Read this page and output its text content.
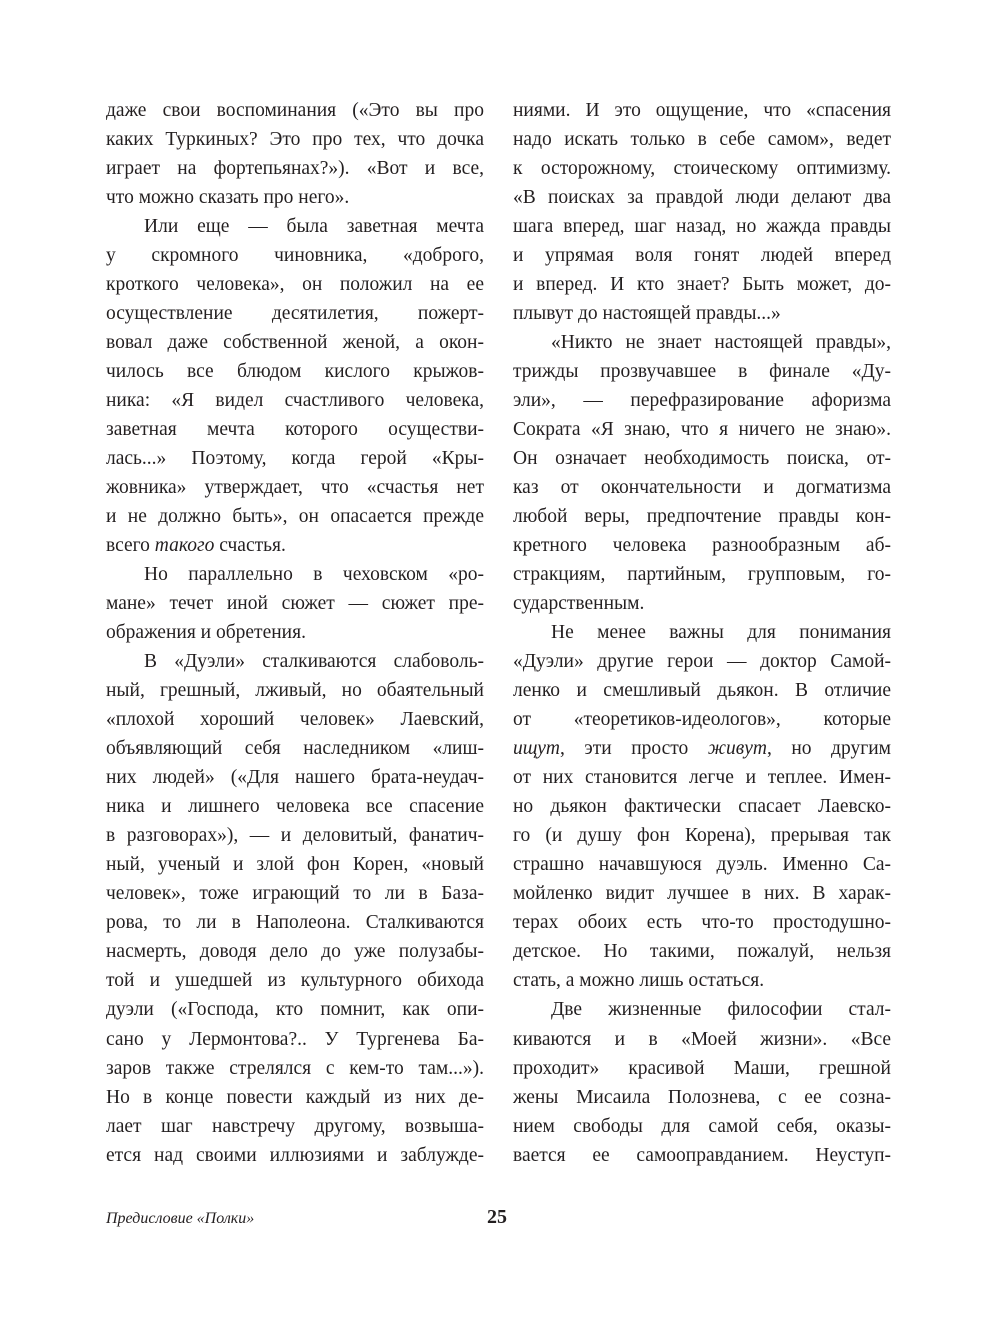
даже свои воспоминания («Это вы про
каких Туркиных? Это про тех, что дочка
играет на фортепьянах?»). «Вот и все,
что можно сказать про него».
Или еще — была заветная мечта
у скромного чиновника, «доброго,
кроткого человека», он положил на ее
осуществление десятилетия, пожерт-
вовал даже собственной женой, а окон-
чилось все блюдом кислого крыжов-
ника: «Я видел счастливого человека,
заветная мечта которого осуществи-
лась...» Поэтому, когда герой «Кры-
жовника» утверждает, что «счастья нет
и не должно быть», он опасается прежде
всего такого счастья.
Но параллельно в чеховском «ро-
мане» течет иной сюжет — сюжет пре-
ображения и обретения.
В «Дуэли» сталкиваются слабоволь-
ный, грешный, лживый, но обаятельный
«плохой хороший человек» Лаевский,
объявляющий себя наследником «лиш-
них людей» («Для нашего брата-неудач-
ника и лишнего человека все спасение
в разговорах»), — и деловитый, фанатич-
ный, ученый и злой фон Корен, «новый
человек», тоже играющий то ли в База-
рова, то ли в Наполеона. Сталкиваются
насмерть, доводя дело до уже полузабы-
той и ушедшей из культурного обихода
дуэли («Господа, кто помнит, как опи-
сано у Лермонтова?.. У Тургенева Ба-
заров также стрелялся с кем-то там...»).
Но в конце повести каждый из них де-
лает шаг навстречу другому, возвыша-
ется над своими иллюзиями и заблужде-
ниями. И это ощущение, что «спасения
надо искать только в себе самом», ведет
к осторожному, стоическому оптимизму.
«В поисках за правдой люди делают два
шага вперед, шаг назад, но жажда правды
и упрямая воля гонят людей вперед
и вперед. И кто знает? Быть может, до-
плывут до настоящей правды...»
«Никто не знает настоящей правды»,
трижды прозвучавшее в финале «Ду-
эли», — перефразирование афоризма
Сократа «Я знаю, что я ничего не знаю».
Он означает необходимость поиска, от-
каз от окончательности и догматизма
любой веры, предпочтение правды кон-
кретного человека разнообразным аб-
стракциям, партийным, групповым, го-
сударственным.
Не менее важны для понимания
«Дуэли» другие герои — доктор Самой-
ленко и смешливый дьякон. В отличие
от «теоретиков-идеологов», которые
ищут, эти просто живут, но другим
от них становится легче и теплее. Имен-
но дьякон фактически спасает Лаевско-
го (и душу фон Корена), прерывая так
страшно начавшуюся дуэль. Именно Са-
мойленко видит лучшее в них. В харак-
терах обоих есть что-то простодушно-
детское. Но такими, пожалуй, нельзя
стать, а можно лишь остаться.
Две жизненные философии стал-
киваются и в «Моей жизни». «Все
проходит» красивой Маши, грешной
жены Мисаила Полознева, с ее созна-
нием свободы для самой себя, оказы-
вается ее самооправданием. Неуступ-
Предисловие «Полки»	25
